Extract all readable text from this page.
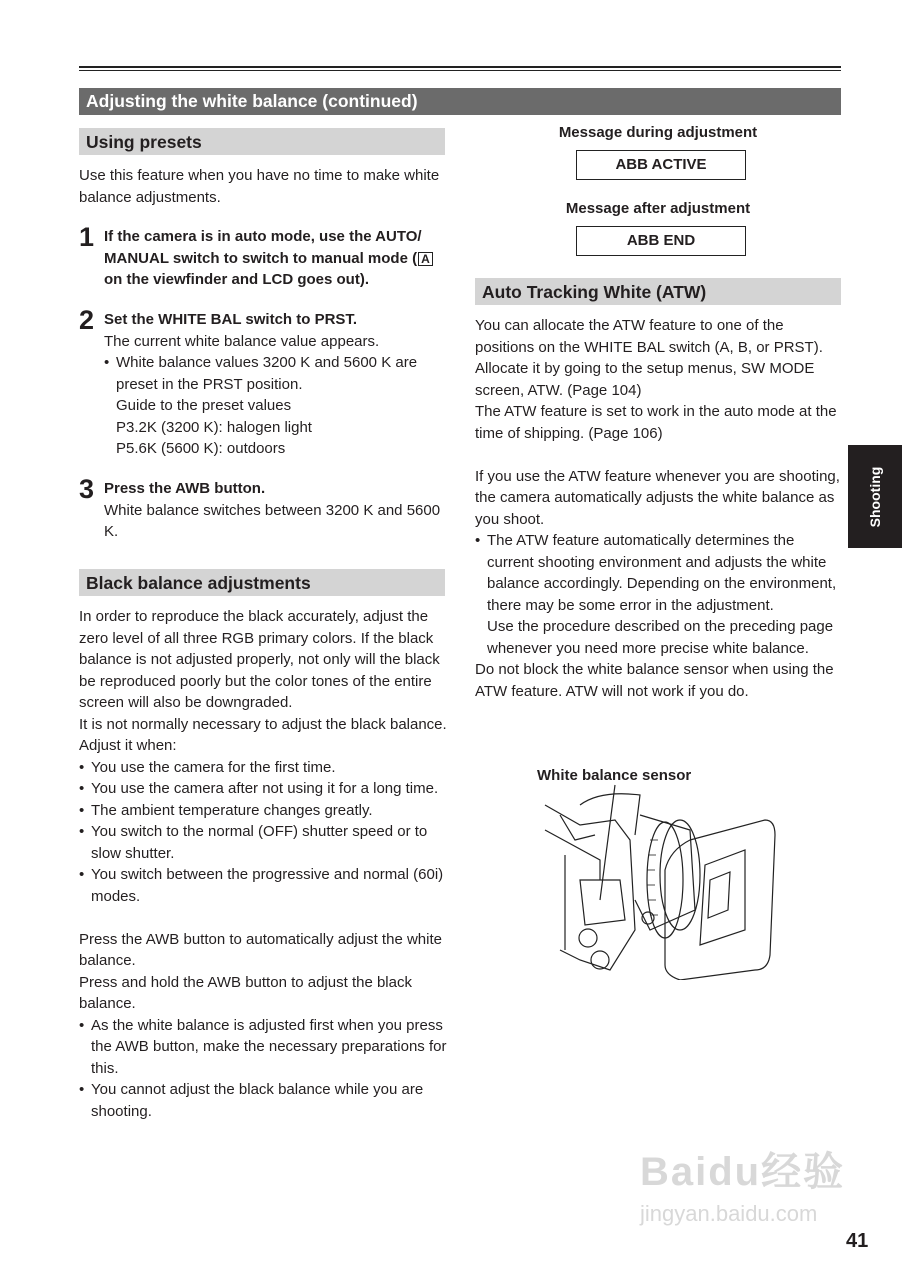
Adjusting the white balance (continued)
Using presets
Use this feature when you have no time to make white balance adjustments.
1 If the camera is in auto mode, use the AUTO/ MANUAL switch to switch to manual mode ( A on the viewfinder and LCD goes out).
2 Set the WHITE BAL switch to PRST.
The current white balance value appears.
• White balance values 3200 K and 5600 K are preset in the PRST position.
Guide to the preset values
P3.2K (3200 K): halogen light
P5.6K (5600 K): outdoors
3 Press the AWB button.
White balance switches between 3200 K and 5600 K.
Black balance adjustments
In order to reproduce the black accurately, adjust the zero level of all three RGB primary colors. If the black balance is not adjusted properly, not only will the black be reproduced poorly but the color tones of the entire screen will also be downgraded.
It is not normally necessary to adjust the black balance. Adjust it when:
• You use the camera for the first time.
• You use the camera after not using it for a long time.
• The ambient temperature changes greatly.
• You switch to the normal (OFF) shutter speed or to slow shutter.
• You switch between the progressive and normal (60i) modes.
Press the AWB button to automatically adjust the white balance.
Press and hold the AWB button to adjust the black balance.
• As the white balance is adjusted first when you press the AWB button, make the necessary preparations for this.
• You cannot adjust the black balance while you are shooting.
Message during adjustment
ABB ACTIVE
Message after adjustment
ABB END
Auto Tracking White (ATW)
You can allocate the ATW feature to one of the positions on the WHITE BAL switch (A, B, or PRST). Allocate it by going to the setup menus, SW MODE screen, ATW. (Page 104)
The ATW feature is set to work in the auto mode at the time of shipping. (Page 106)
If you use the ATW feature whenever you are shooting, the camera automatically adjusts the white balance as you shoot.
• The ATW feature automatically determines the current shooting environment and adjusts the white balance accordingly. Depending on the environment, there may be some error in the adjustment.
Use the procedure described on the preceding page whenever you need more precise white balance.
Do not block the white balance sensor when using the ATW feature. ATW will not work if you do.
White balance sensor
Shooting
41
Baidu经验
jingyan.baidu.com
